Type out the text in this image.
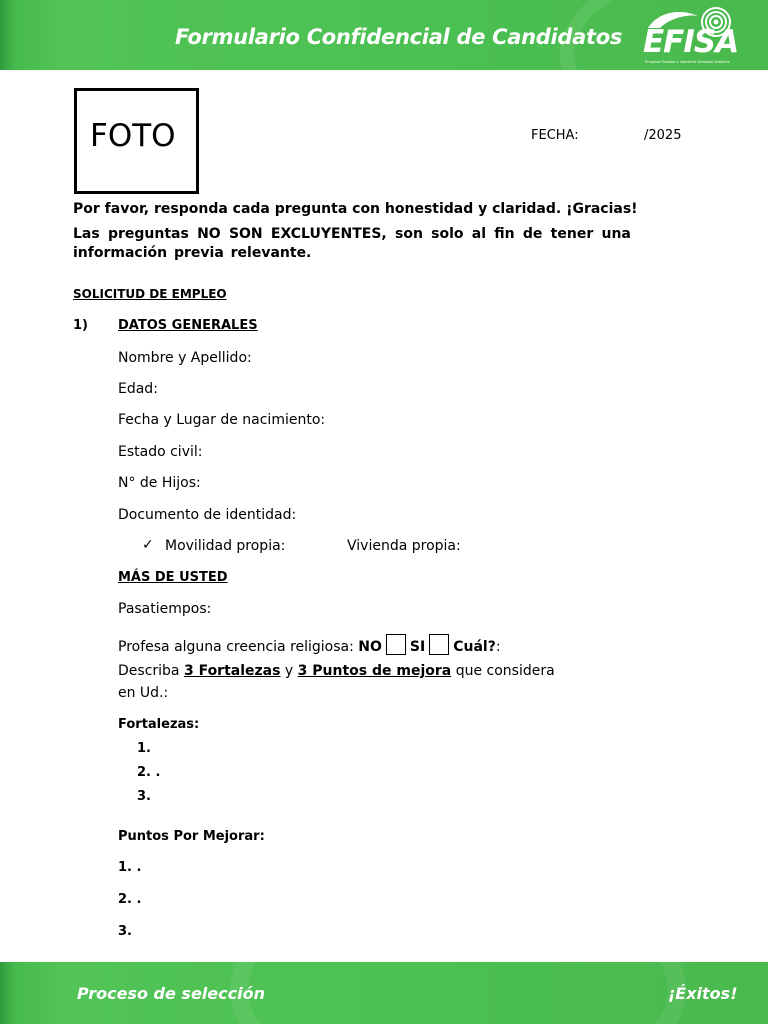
Formulario Confidencial de Candidatos EFISA
Empresa Forestal e Industrial Sociedad Anónima
FOTO	FECHA:	/2025
Por favor, responda cada pregunta con honestidad y claridad. ¡Gracias!
Las preguntas NO SON EXCLUYENTES, son solo al fin de tener una
información previa relevante.
SOLICITUD DE EMPLEO
1) DATOS GENERALES
Nombre y Apellido:
Edad:
Fecha y Lugar de nacimiento:
Estado civil:
N° de Hijos:
Documento de identidad:
✓ Movilidad propia:	Vivienda propia:
MÁS DE USTED
Pasatiempos:
Profesa alguna creencia religiosa: NO SI Cuál?:
Describa 3 Fortalezas y 3 Puntos de mejora que considera
en Ud.:
Fortalezas:
1.
2. .
3.
Puntos Por Mejorar:
1. .
2. .
3.
Proceso de selección	¡Éxitos!
